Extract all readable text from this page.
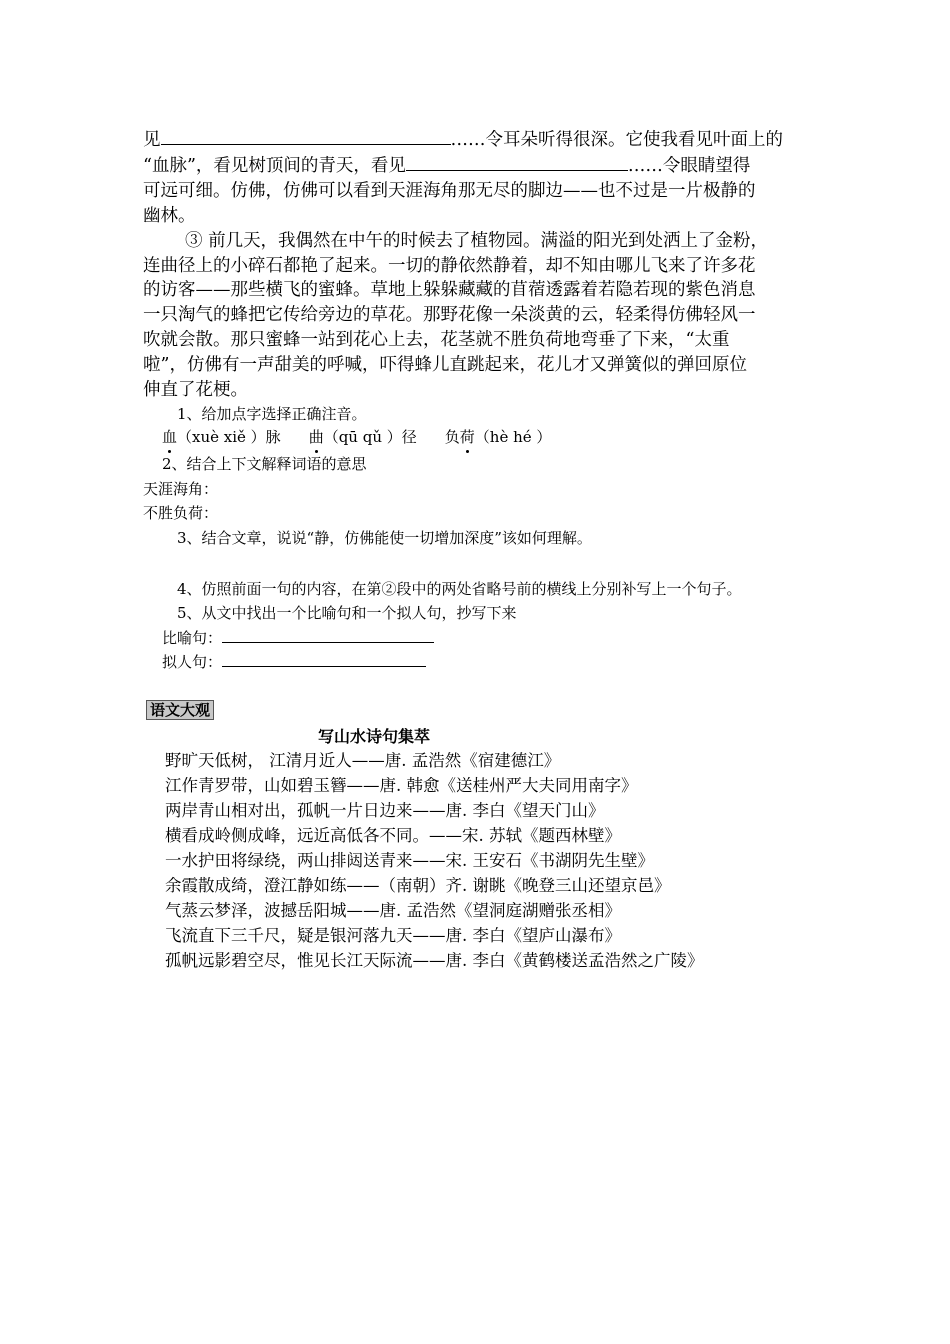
见	……令耳朵听得很深。它使我看见叶面上的
“血脉”，看见树顶间的青天，看见	……令眼睛望得
可远可细。仿佛，仿佛可以看到天涯海角那无尽的脚边——也不过是一片极静的
幽林。
③ 前几天，我偶然在中午的时候去了植物园。满溢的阳光到处洒上了金粉，
连曲径上的小碎石都艳了起来。一切的静依然静着，却不知由哪儿飞来了许多花
的访客——那些横飞的蜜蜂。草地上躲躲藏藏的苜蓿透露着若隐若现的紫色消息
一只淘气的蜂把它传给旁边的草花。那野花像一朵淡黄的云，轻柔得仿佛轻风一
吹就会散。那只蜜蜂一站到花心上去，花茎就不胜负荷地弯垂了下来，“太重
啦”，仿佛有一声甜美的呼喊，吓得蜂儿直跳起来，花儿才又弹簧似的弹回原位
伸直了花梗。
1、给加点字选择正确注音。
血（xuè xiě ）脉 曲（qū qǔ ）径 负荷（hè hé ）
2、结合上下文解释词语的意思
天涯海角：
不胜负荷：
3、结合文章，说说“静，仿佛能使一切增加深度”该如何理解。
4、仿照前面一句的内容，在第②段中的两处省略号前的横线上分别补写上一个句子。
5、从文中找出一个比喻句和一个拟人句，抄写下来
比喻句：
拟人句：
语文大观
写山水诗句集萃
野旷天低树， 江清月近人——唐. 孟浩然《宿建德江》
江作青罗带，山如碧玉簪——唐. 韩愈《送桂州严大夫同用南字》
两岸青山相对出，孤帆一片日边来——唐. 李白《望天门山》
横看成岭侧成峰，远近高低各不同。——宋. 苏轼《题西林壁》
一水护田将绿绕，两山排闼送青来——宋. 王安石《书湖阴先生壁》
余霞散成绮，澄江静如练——（南朝）齐. 谢眺《晚登三山还望京邑》
气蒸云梦泽，波撼岳阳城——唐. 孟浩然《望洞庭湖赠张丞相》
飞流直下三千尺，疑是银河落九天——唐. 李白《望庐山瀑布》
孤帆远影碧空尽，惟见长江天际流——唐. 李白《黄鹤楼送孟浩然之广陵》
